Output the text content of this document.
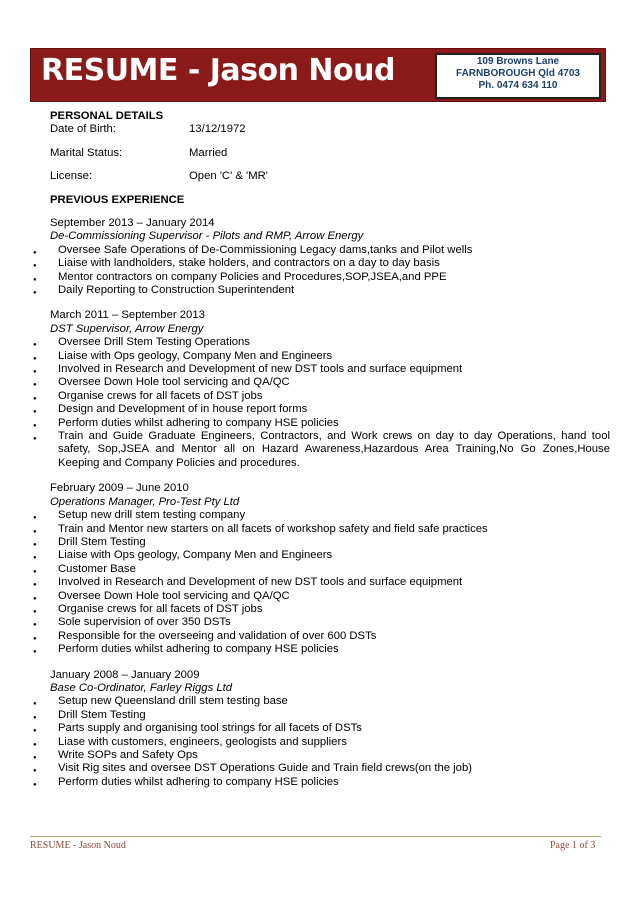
RESUME - Jason Noud	109 Browns Lane
FARNBOROUGH Qld 4703
Ph. 0474 634 110
PERSONAL DETAILS
Date of Birth:	13/12/1972
Marital Status:	Married
License:	Open 'C' & 'MR'
PREVIOUS EXPERIENCE
September 2013 – January 2014
De-Commissioning Supervisor - Pilots and RMP, Arrow Energy
● Oversee Safe Operations of De-Commissioning Legacy dams,tanks and Pilot wells
● Liaise with landholders, stake holders, and contractors on a day to day basis
● Mentor contractors on company Policies and Procedures,SOP,JSEA,and PPE
● Daily Reporting to Construction Superintendent
March 2011 – September 2013
DST Supervisor, Arrow Energy
● Oversee Drill Stem Testing Operations
● Liaise with Ops geology, Company Men and Engineers
● Involved in Research and Development of new DST tools and surface equipment
● Oversee Down Hole tool servicing and QA/QC
● Organise crews for all facets of DST jobs
● Design and Development of in house report forms
● Perform duties whilst adhering to company HSE policies
● Train and Guide Graduate Engineers, Contractors, and Work crews on day to day Operations, hand tool safety, Sop,JSEA and Mentor all on Hazard Awareness,Hazardous Area Training,No Go Zones,House Keeping and Company Policies and procedures.
February 2009 – June 2010
Operations Manager, Pro-Test Pty Ltd
● Setup new drill stem testing company
● Train and Mentor new starters on all facets of workshop safety and field safe practices
● Drill Stem Testing
● Liaise with Ops geology, Company Men and Engineers
● Customer Base
● Involved in Research and Development of new DST tools and surface equipment
● Oversee Down Hole tool servicing and QA/QC
● Organise crews for all facets of DST jobs
● Sole supervision of over 350 DSTs
● Responsible for the overseeing and validation of over 600 DSTs
● Perform duties whilst adhering to company HSE policies
January 2008 – January 2009
Base Co-Ordinator, Farley Riggs Ltd
● Setup new Queensland drill stem testing base
● Drill Stem Testing
● Parts supply and organising tool strings for all facets of DSTs
● Liase with customers, engineers, geologists and suppliers
● Write SOPs and Safety Ops
● Visit Rig sites and oversee DST Operations Guide and Train field crews(on the job)
● Perform duties whilst adhering to company HSE policies
RESUME - Jason Noud	Page 1 of 3
